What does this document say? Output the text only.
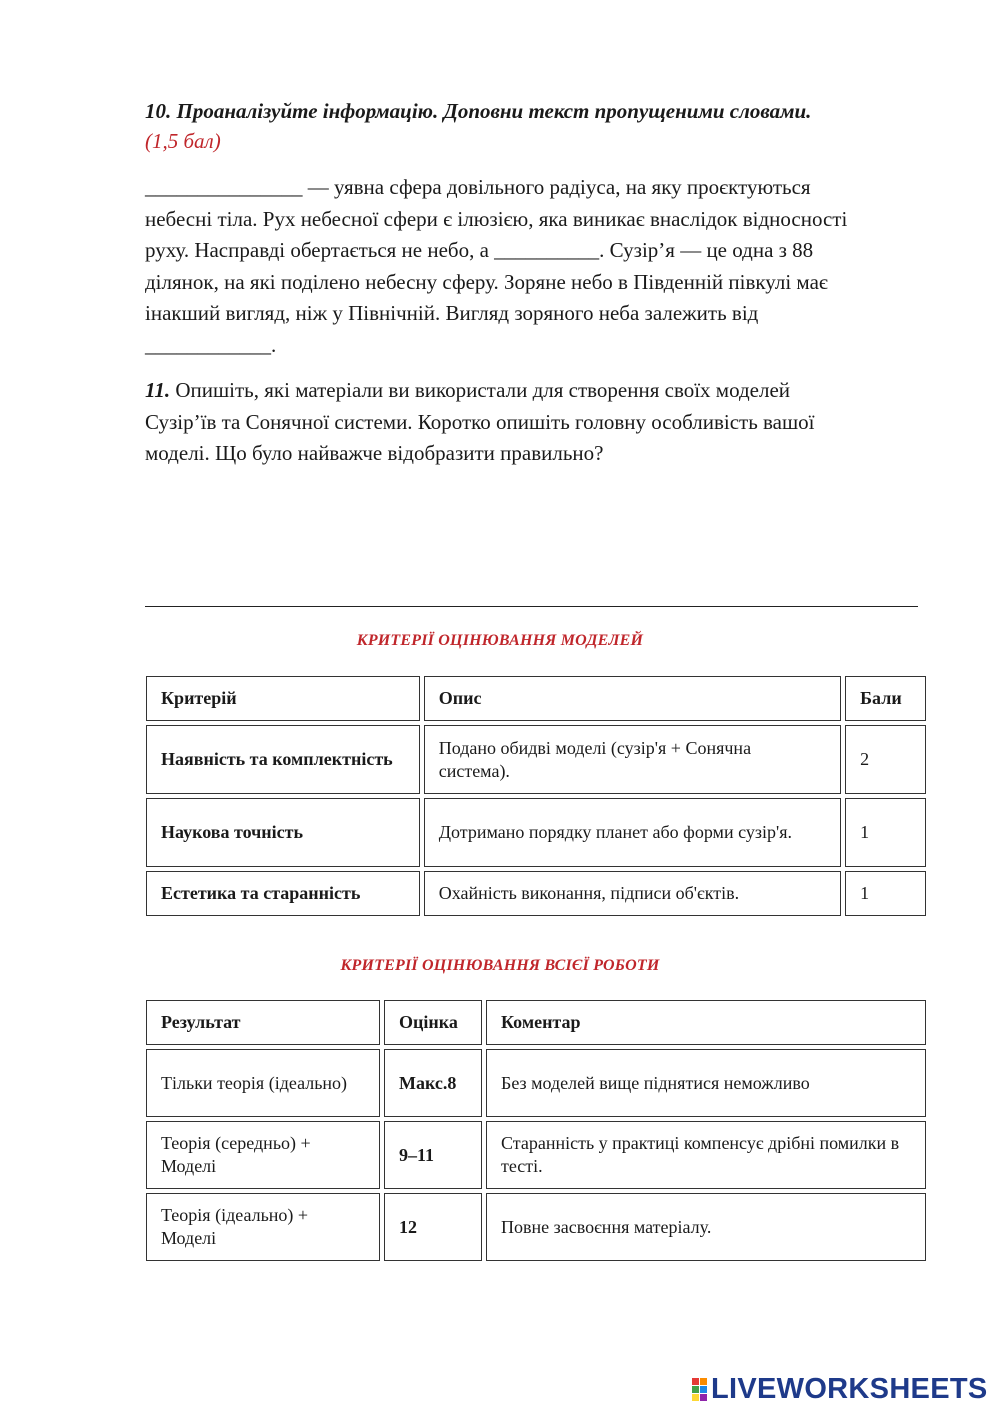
10. Проаналізуйте інформацію. Доповни текст пропущеними словами.
(1,5 бал)

_______________ — уявна сфера довільного радіуса, на яку проєктуються

небесні тіла. Рух небесної сфери є ілюзією, яка виникає внаслідок відносності

руху. Насправді обертається не небо, а __________. Сузір’я — це одна з 88

ділянок, на які поділено небесну сферу. Зоряне небо в Південній півкулі має

інакший вигляд, ніж у Північній. Вигляд зоряного неба залежить від

____________.

11. Опишіть, які матеріали ви використали для створення своїх моделей

Сузір’їв та Сонячної системи. Коротко опишіть головну особливість вашої

моделі. Що було найважче відобразити правильно?

КРИТЕРІЇ ОЦІНЮВАННЯ МОДЕЛЕЙ
Критерій	Опис	Бали
Наявність та комплектність	Подано обидві моделі (сузір'я + Сонячна система).	2
Наукова точність	Дотримано порядку планет або форми сузір'я.	1
Естетика та старанність	Охайність виконання, підписи об'єктів.	1
КРИТЕРІЇ ОЦІНЮВАННЯ ВСІЄЇ РОБОТИ
Результат	Оцінка	Коментар
Тільки теорія (ідеально)	Макс.8	Без моделей вище піднятися неможливо
Теорія (середньо) + Моделі	9–11	Старанність у практиці компенсує дрібні помилки в тесті.
Теорія (ідеально) + Моделі	12	Повне засвоєння матеріалу.
LIVEWORKSHEETS
